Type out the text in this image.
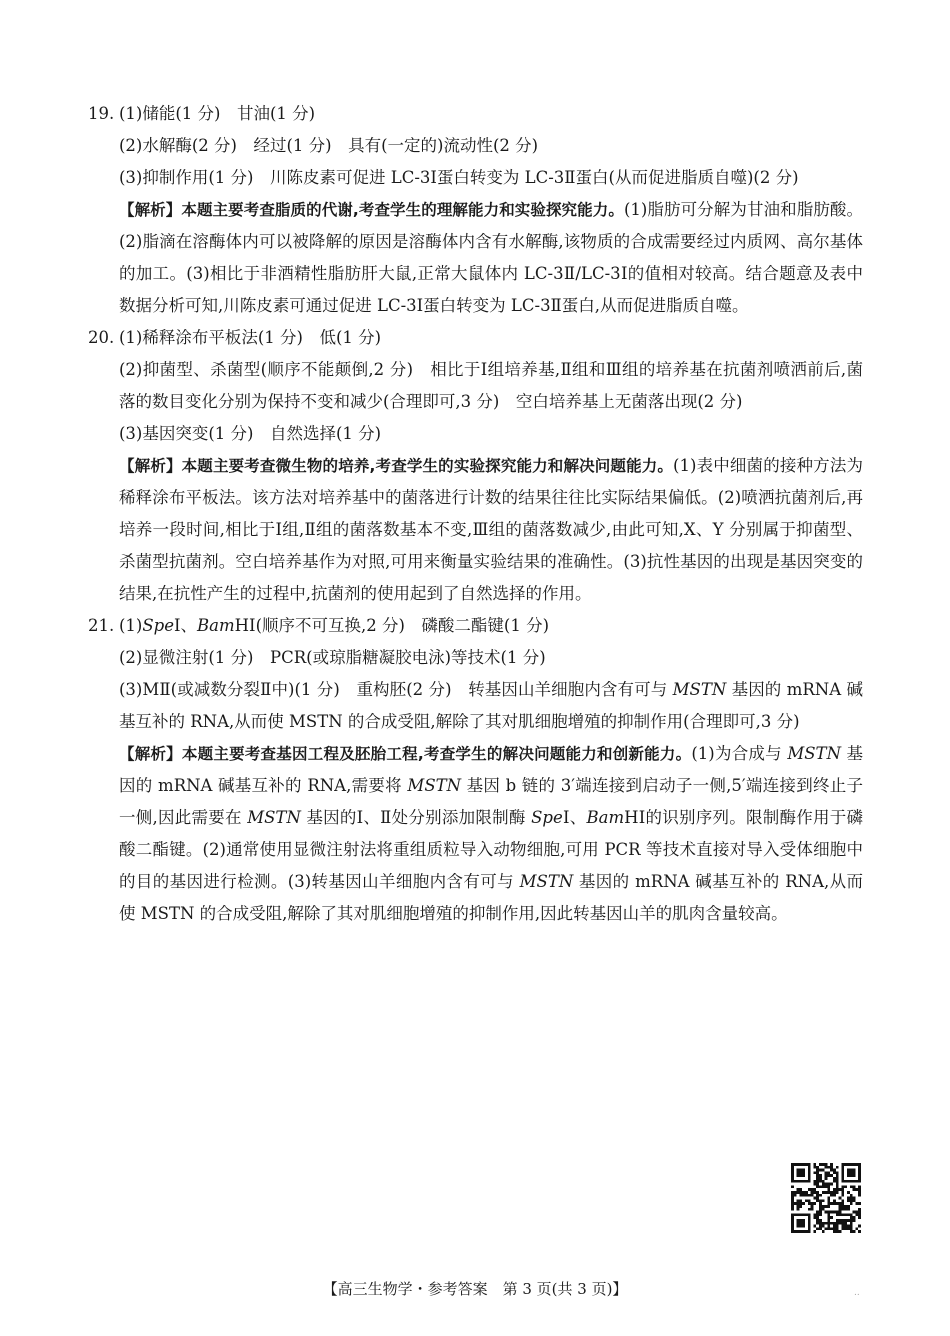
19. (1)储能(1 分)　甘油(1 分)
(2)水解酶(2 分)　经过(1 分)　具有(一定的)流动性(2 分)
(3)抑制作用(1 分)　川陈皮素可促进 LC-3Ⅰ蛋白转变为 LC-3Ⅱ蛋白(从而促进脂质自噬)(2 分)
【解析】本题主要考查脂质的代谢,考查学生的理解能力和实验探究能力。(1)脂肪可分解为甘油和脂肪酸。(2)脂滴在溶酶体内可以被降解的原因是溶酶体内含有水解酶,该物质的合成需要经过内质网、高尔基体的加工。(3)相比于非酒精性脂肪肝大鼠,正常大鼠体内 LC-3Ⅱ/LC-3Ⅰ的值相对较高。结合题意及表中数据分析可知,川陈皮素可通过促进 LC-3Ⅰ蛋白转变为 LC-3Ⅱ蛋白,从而促进脂质自噬。
20. (1)稀释涂布平板法(1 分)　低(1 分)
(2)抑菌型、杀菌型(顺序不能颠倒,2 分)　相比于Ⅰ组培养基,Ⅱ组和Ⅲ组的培养基在抗菌剂喷洒前后,菌落的数目变化分别为保持不变和减少(合理即可,3 分)　空白培养基上无菌落出现(2 分)
(3)基因突变(1 分)　自然选择(1 分)
【解析】本题主要考查微生物的培养,考查学生的实验探究能力和解决问题能力。(1)表中细菌的接种方法为稀释涂布平板法。该方法对培养基中的菌落进行计数的结果往往比实际结果偏低。(2)喷洒抗菌剂后,再培养一段时间,相比于Ⅰ组,Ⅱ组的菌落数基本不变,Ⅲ组的菌落数减少,由此可知,X、Y 分别属于抑菌型、杀菌型抗菌剂。空白培养基作为对照,可用来衡量实验结果的准确性。(3)抗性基因的出现是基因突变的结果,在抗性产生的过程中,抗菌剂的使用起到了自然选择的作用。
21. (1)SpeⅠ、BamHⅠ(顺序不可互换,2 分)　磷酸二酯键(1 分)
(2)显微注射(1 分)　PCR(或琼脂糖凝胶电泳)等技术(1 分)
(3)MⅡ(或减数分裂Ⅱ中)(1 分)　重构胚(2 分)　转基因山羊细胞内含有可与 MSTN 基因的 mRNA 碱基互补的 RNA,从而使 MSTN 的合成受阻,解除了其对肌细胞增殖的抑制作用(合理即可,3 分)
【解析】本题主要考查基因工程及胚胎工程,考查学生的解决问题能力和创新能力。(1)为合成与 MSTN 基因的 mRNA 碱基互补的 RNA,需要将 MSTN 基因 b 链的 3′端连接到启动子一侧,5′端连接到终止子一侧,因此需要在 MSTN 基因的Ⅰ、Ⅱ处分别添加限制酶 SpeⅠ、BamHⅠ的识别序列。限制酶作用于磷酸二酯键。(2)通常使用显微注射法将重组质粒导入动物细胞,可用 PCR 等技术直接对导入受体细胞中的目的基因进行检测。(3)转基因山羊细胞内含有可与 MSTN 基因的 mRNA 碱基互补的 RNA,从而使 MSTN 的合成受阻,解除了其对肌细胞增殖的抑制作用,因此转基因山羊的肌肉含量较高。
【高三生物学・参考答案　第 3 页(共 3 页)】	..
